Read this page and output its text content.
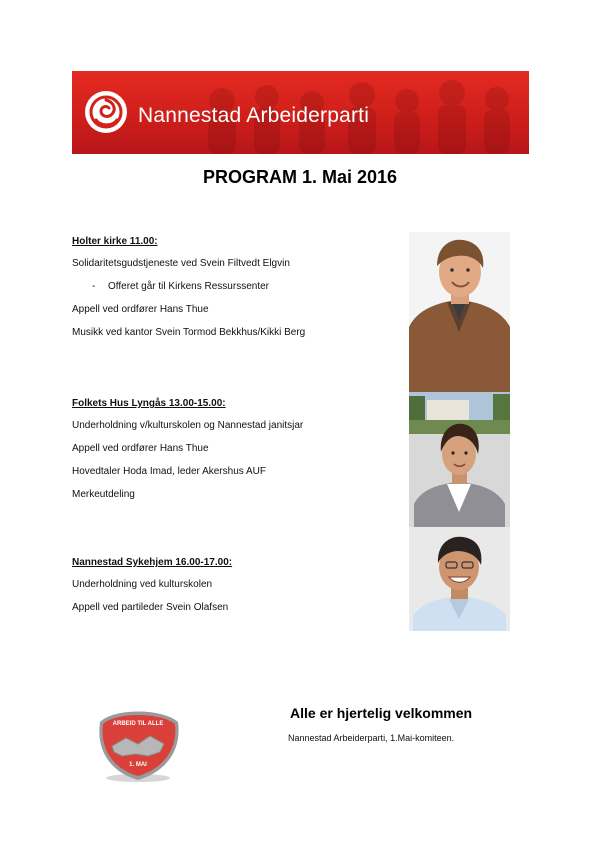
Nannestad Arbeiderparti
PROGRAM 1. Mai 2016
Holter kirke 11.00:
Solidaritetsgudstjeneste ved Svein Filtvedt Elgvin
- Offeret går til Kirkens Ressurssenter
Appell ved ordfører Hans Thue
Musikk ved kantor Svein Tormod Bekkhus/Kikki Berg
Folkets Hus Lyngås 13.00-15.00:
Underholdning v/kulturskolen og Nannestad janitsjar
Appell ved ordfører Hans Thue
Hovedtaler Hoda Imad, leder Akershus AUF
Merkeutdeling
Nannestad Sykehjem 16.00-17.00:
Underholdning ved kulturskolen
Appell ved partileder Svein Olafsen
ARBEID TIL ALLE
1. MAI
Alle er hjertelig velkommen
Nannestad Arbeiderparti, 1.Mai-komiteen.
